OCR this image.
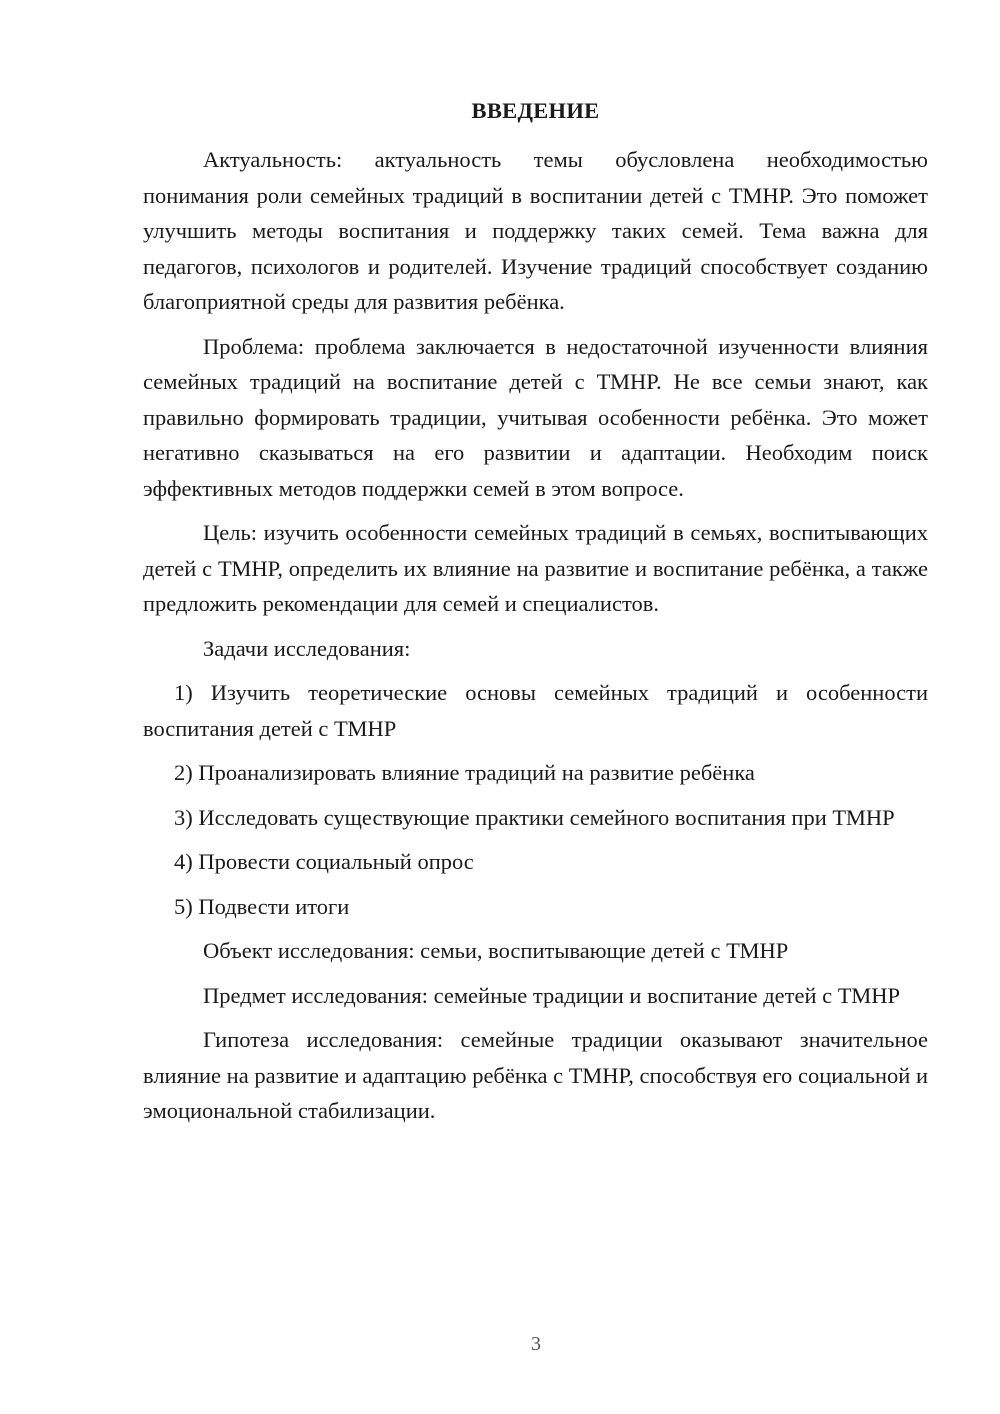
ВВЕДЕНИЕ

Актуальность: актуальность темы обусловлена необходимостью понимания роли семейных традиций в воспитании детей с ТМНР. Это поможет улучшить методы воспитания и поддержку таких семей. Тема важна для педагогов, психологов и родителей. Изучение традиций способствует созданию благоприятной среды для развития ребёнка.

Проблема: проблема заключается в недостаточной изученности влияния семейных традиций на воспитание детей с ТМНР. Не все семьи знают, как правильно формировать традиции, учитывая особенности ребёнка. Это может негативно сказываться на его развитии и адаптации. Необходим поиск эффективных методов поддержки семей в этом вопросе.

Цель: изучить особенности семейных традиций в семьях, воспитывающих детей с ТМНР, определить их влияние на развитие и воспитание ребёнка, а также предложить рекомендации для семей и специалистов.

Задачи исследования:

1) Изучить теоретические основы семейных традиций и особенности воспитания детей с ТМНР

2) Проанализировать влияние традиций на развитие ребёнка

3) Исследовать существующие практики семейного воспитания при ТМНР

4) Провести социальный опрос

5) Подвести итоги

Объект исследования: семьи, воспитывающие детей с ТМНР

Предмет исследования: семейные традиции и воспитание детей с ТМНР

Гипотеза исследования: семейные традиции оказывают значительное влияние на развитие и адаптацию ребёнка с ТМНР, способствуя его социальной и эмоциональной стабилизации.

3
